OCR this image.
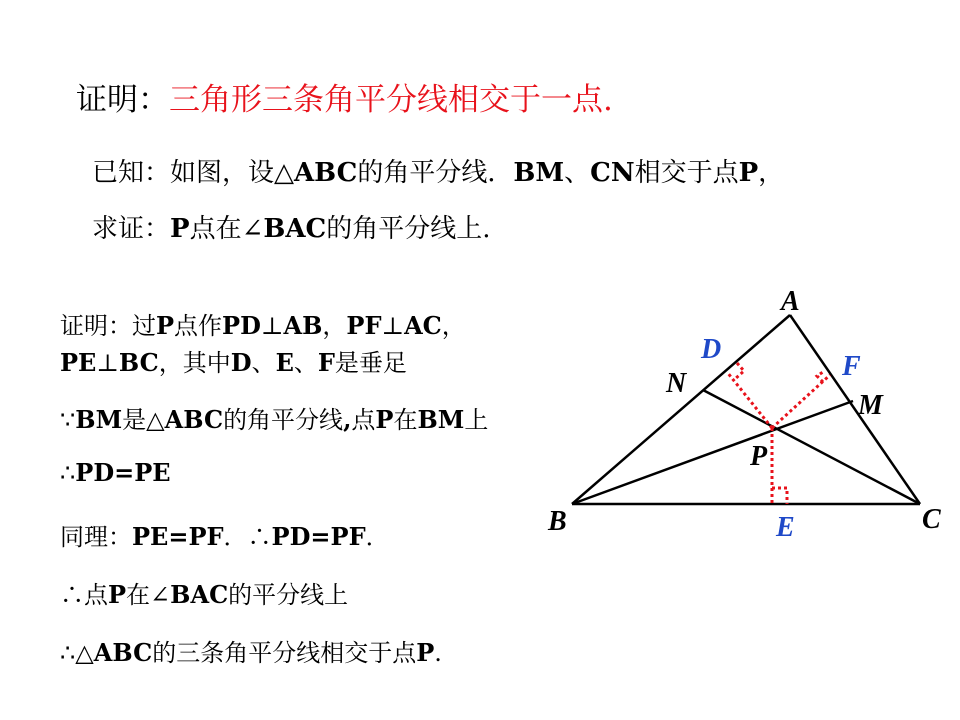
证明：三角形三条角平分线相交于一点.
已知：如图，设△ABC的角平分线．BM、CN相交于点P，
求证：P点在∠BAC的角平分线上.
证明：过P点作PD⊥AB，PF⊥AC，
PE⊥BC，其中D、E、F是垂足
∵BM是△ABC的角平分线,点P在BM上
∴PD=PE
同理：PE=PF．∴PD=PF．
∴点P在∠BAC的平分线上
∴△ABC的三条角平分线相交于点P.
A
B	C
D
E
F
M
N
P
